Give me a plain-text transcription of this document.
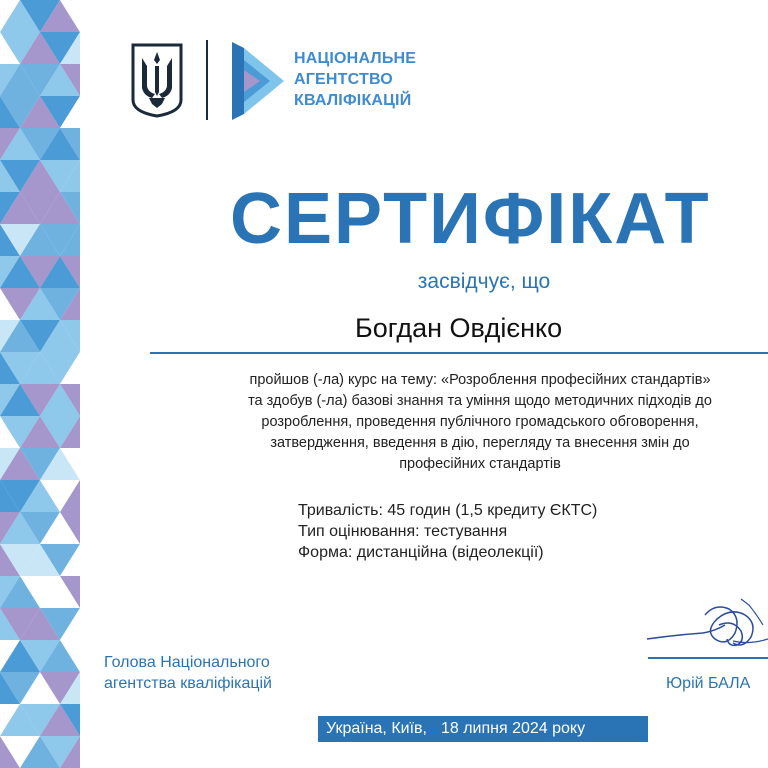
НАЦІОНАЛЬНЕ
АГЕНТСТВО
КВАЛІФІКАЦІЙ
СЕРТИФІКАТ
засвідчує, що
Богдан Овдієнко
пройшов (-ла) курс на тему: «Розроблення професійних стандартів»
та здобув (-ла) базові знання та уміння щодо методичних підходів до
розроблення, проведення публічного громадського обговорення,
затвердження, введення в дію, перегляду та внесення змін до
професійних стандартів
Тривалість: 45 годин (1,5 кредиту ЄКТС)
Тип оцінювання: тестування
Форма: дистанційна (відеолекції)
Голова Національного
агентства кваліфікацій	Юрій БАЛА
Україна, Київ, 18 липня 2024 року
